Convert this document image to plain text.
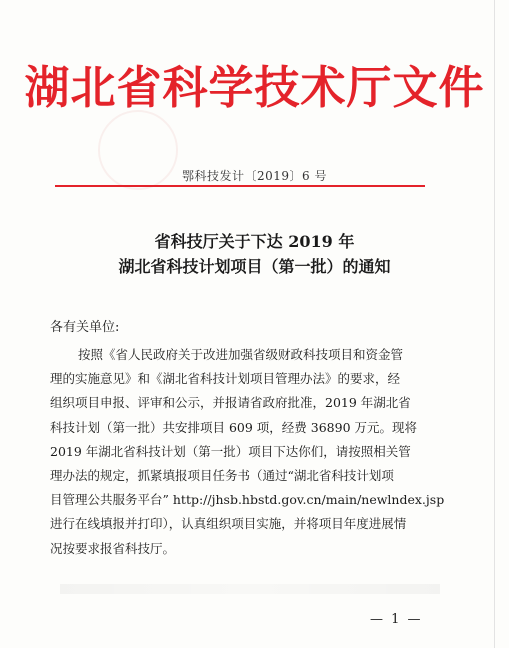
湖北省科学技术厅文件
鄂科技发计〔2019〕6 号
省科技厅关于下达 2019 年
湖北省科技计划项目（第一批）的通知
各有关单位:
按照《省人民政府关于改进加强省级财政科技项目和资金管
理的实施意见》和《湖北省科技计划项目管理办法》的要求，经
组织项目申报、评审和公示，并报请省政府批准，2019 年湖北省
科技计划（第一批）共安排项目 609 项，经费 36890 万元。现将
2019 年湖北省科技计划（第一批）项目下达你们，请按照相关管
理办法的规定，抓紧填报项目任务书（通过“湖北省科技计划项
目管理公共服务平台” http://jhsb.hbstd.gov.cn/main/newlndex.jsp
进行在线填报并打印），认真组织项目实施，并将项目年度进展情
况按要求报省科技厅。
— 1 —
